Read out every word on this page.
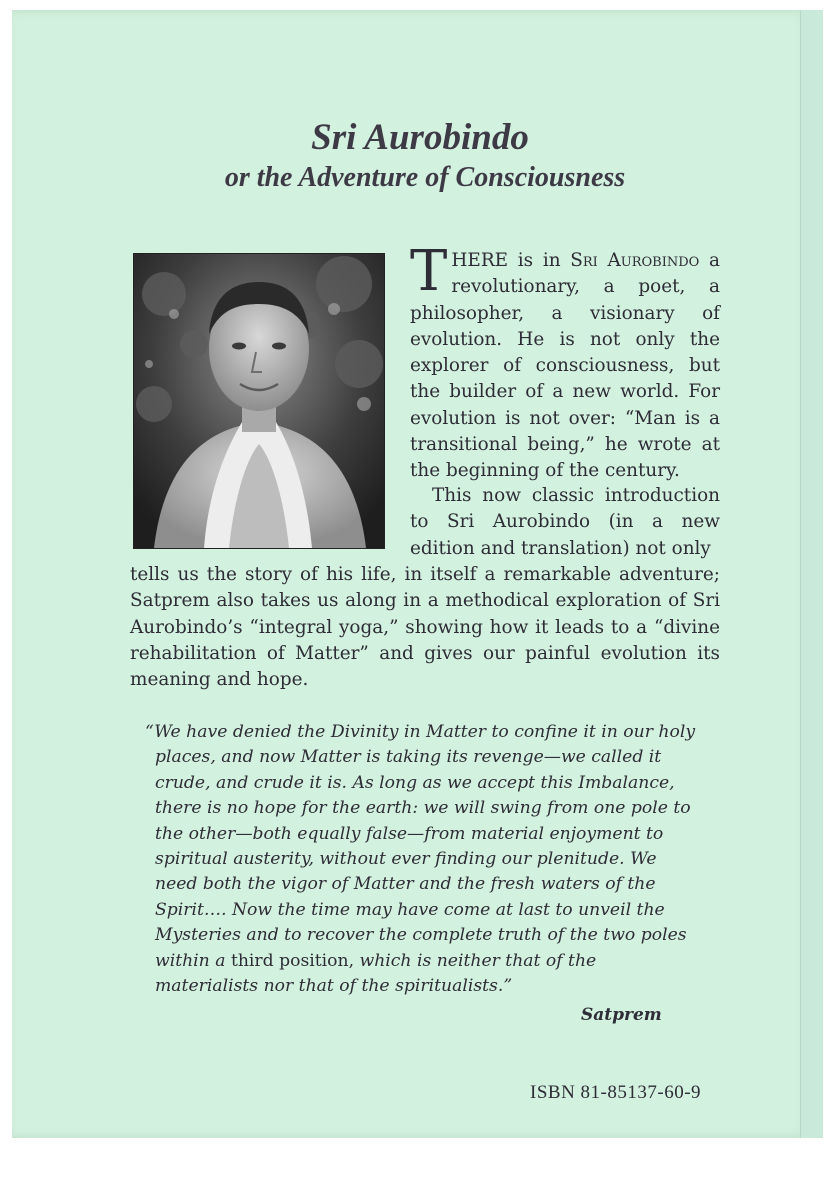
Sri Aurobindo
or the Adventure of Consciousness

THERE is in Sri Aurobindo a revolutionary, a poet, a philosopher, a visionary of evolution. He is not only the explorer of consciousness, but the builder of a new world. For evolution is not over: “Man is a transitional being,” he wrote at the beginning of the century.

This now classic introduction to Sri Aurobindo (in a new edition and translation) not only

tells us the story of his life, in itself a remarkable adventure; Satprem also takes us along in a methodical exploration of Sri Aurobindo’s “integral yoga,” showing how it leads to a “divine rehabilitation of Matter” and gives our painful evolution its meaning and hope.

“We have denied the Divinity in Matter to confine it in our holy places, and now Matter is taking its revenge—we called it crude, and crude it is. As long as we accept this Imbalance, there is no hope for the earth: we will swing from one pole to the other—both equally false—from material enjoyment to spiritual austerity, without ever finding our plenitude. We need both the vigor of Matter and the fresh waters of the Spirit…. Now the time may have come at last to unveil the Mysteries and to recover the complete truth of the two poles within a third position, which is neither that of the materialists nor that of the spiritualists.”

Satprem
ISBN 81-85137-60-9
